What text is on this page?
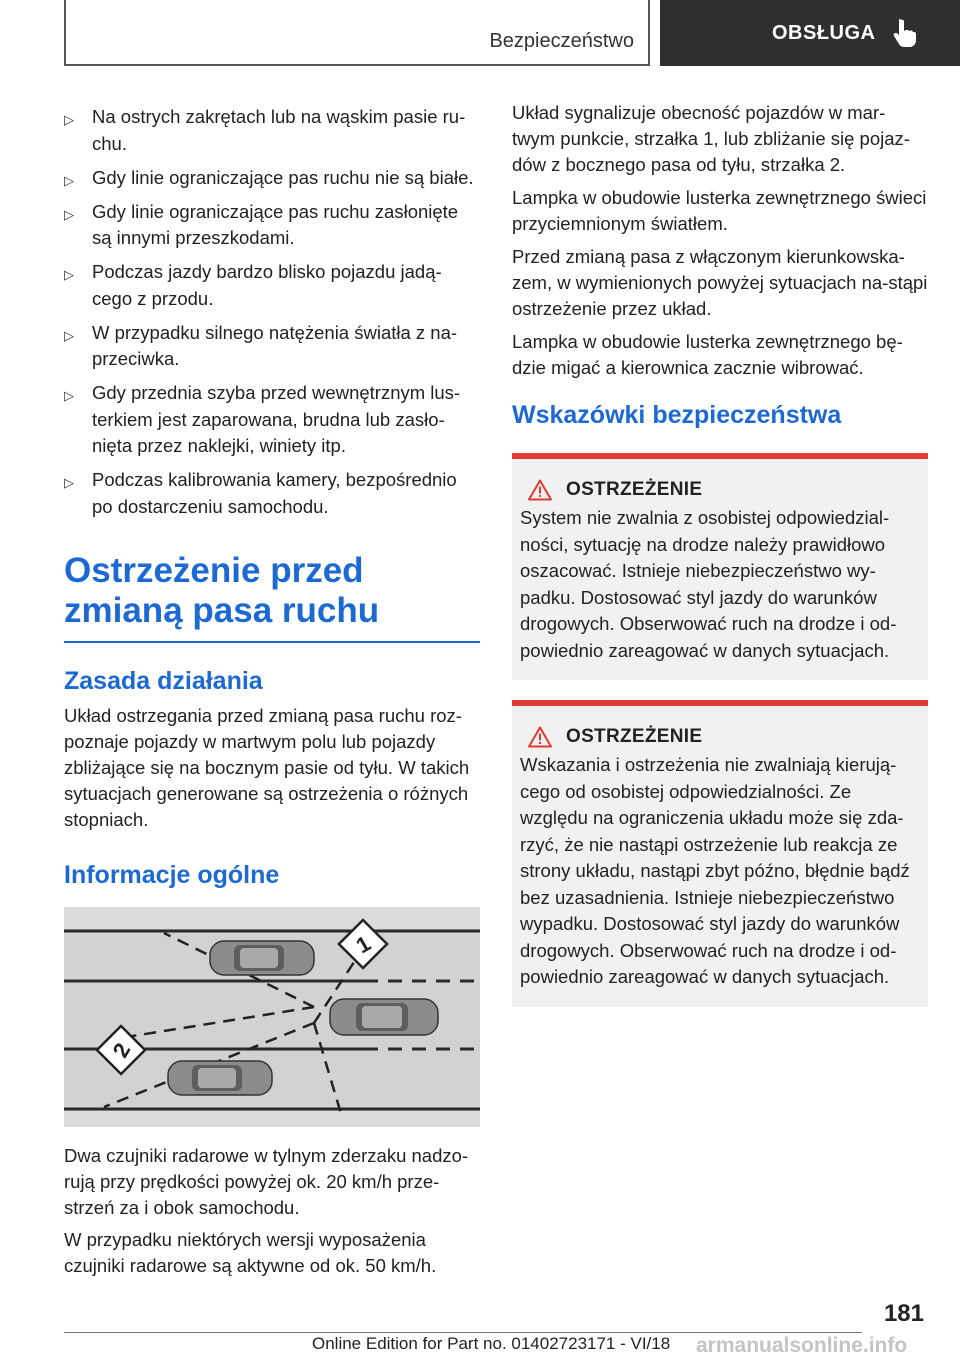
Bezpieczeństwo	OBSŁUGA
▷ Na ostrych zakrętach lub na wąskim pasie ru-chu.
▷ Gdy linie ograniczające pas ruchu nie są białe.
▷ Gdy linie ograniczające pas ruchu zasłonięte są innymi przeszkodami.
▷ Podczas jazdy bardzo blisko pojazdu jadą-cego z przodu.
▷ W przypadku silnego natężenia światła z na-przeciwka.
▷ Gdy przednia szyba przed wewnętrznym lus-terkiem jest zaparowana, brudna lub zasło-nięta przez naklejki, winiety itp.
▷ Podczas kalibrowania kamery, bezpośrednio po dostarczeniu samochodu.
Ostrzeżenie przed zmianą pasa ruchu
Zasada działania
Układ ostrzegania przed zmianą pasa ruchu roz-poznaje pojazdy w martwym polu lub pojazdy zbliżające się na bocznym pasie od tyłu. W takich sytuacjach generowane są ostrzeżenia o różnych stopniach.
Informacje ogólne
1
2
Dwa czujniki radarowe w tylnym zderzaku nadzo-rują przy prędkości powyżej ok. 20 km/h prze-strzeń za i obok samochodu.
W przypadku niektórych wersji wyposażenia czujniki radarowe są aktywne od ok. 50 km/h.
Układ sygnalizuje obecność pojazdów w mar-twym punkcie, strzałka 1, lub zbliżanie się pojaz-dów z bocznego pasa od tyłu, strzałka 2.
Lampka w obudowie lusterka zewnętrznego świeci przyciemnionym światłem.
Przed zmianą pasa z włączonym kierunkowska-zem, w wymienionych powyżej sytuacjach na-stąpi ostrzeżenie przez układ.
Lampka w obudowie lusterka zewnętrznego bę-dzie migać a kierownica zacznie wibrować.
Wskazówki bezpieczeństwa
OSTRZEŻENIE
System nie zwalnia z osobistej odpowiedzial-ności, sytuację na drodze należy prawidłowo oszacować. Istnieje niebezpieczeństwo wy-padku. Dostosować styl jazdy do warunków drogowych. Obserwować ruch na drodze i od-powiednio zareagować w danych sytuacjach.
OSTRZEŻENIE
Wskazania i ostrzeżenia nie zwalniają kierują-cego od osobistej odpowiedzialności. Ze względu na ograniczenia układu może się zda-rzyć, że nie nastąpi ostrzeżenie lub reakcja ze strony układu, nastąpi zbyt późno, błędnie bądź bez uzasadnienia. Istnieje niebezpieczeństwo wypadku. Dostosować styl jazdy do warunków drogowych. Obserwować ruch na drodze i od-powiednio zareagować w danych sytuacjach.
181
Online Edition for Part no. 01402723171 - VI/18 armanualsonline.info
